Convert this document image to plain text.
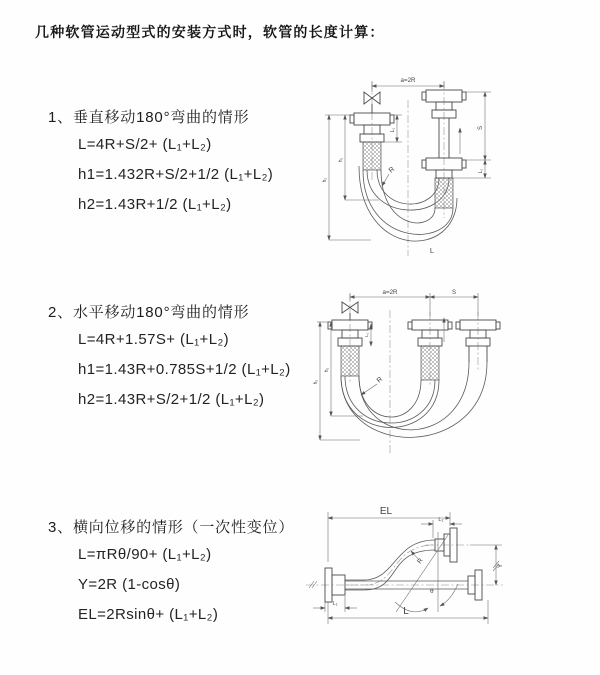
几种软管运动型式的安装方式时，软管的长度计算：
1、垂直移动180°弯曲的情形
L=4R+S/2+ (L₁+L₂)
h1=1.432R+S/2+1/2 (L₁+L₂)
h2=1.43R+1/2 (L₁+L₂)
2、水平移动180°弯曲的情形
L=4R+1.57S+ (L₁+L₂)
h1=1.43R+0.785S+1/2 (L₁+L₂)
h2=1.43R+S/2+1/2 (L₁+L₂)
3、横向位移的情形（一次性变位）
L=πRθ/90+ (L₁+L₂)
Y=2R (1-cosθ)
EL=2Rsinθ+ (L₁+L₂)
a=2R
S
L₂
L₁
h₁
h₂
R
L
a=2R	S
h₁
h₂
L₁
R
θ
R
EL
L₂
Y
L₁
L
